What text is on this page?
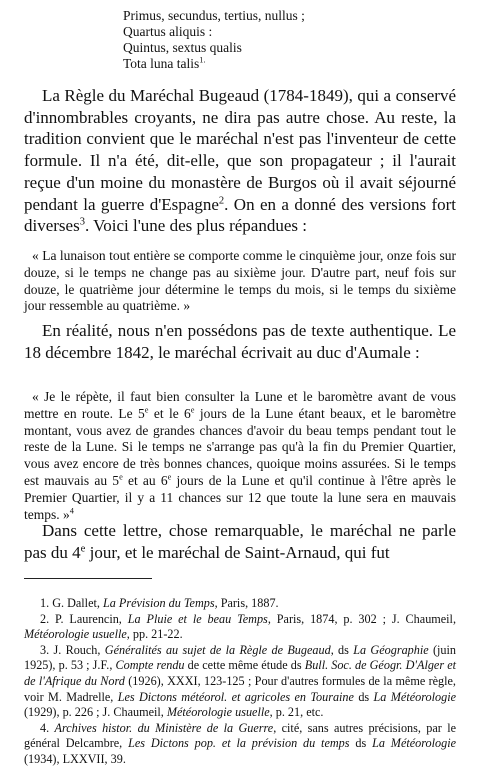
Primus, secundus, tertius, nullus ;
Quartus aliquis :
Quintus, sextus qualis
Tota luna talis$^{1.}$

La Règle du Maréchal Bugeaud (1784-1849), qui a conservé d'innombrables croyants, ne dira pas autre chose. Au reste, la tradition convient que le maréchal n'est pas l'inventeur de cette formule. Il n'a été, dit-elle, que son propagateur ; il l'aurait reçue d'un moine du monastère de Burgos où il avait séjourné pendant la guerre d'Espagne$^2$. On en a donné des versions fort diverses$^3$. Voici l'une des plus répandues :

« La lunaison tout entière se comporte comme le cinquième jour, onze fois sur douze, si le temps ne change pas au sixième jour. D'autre part, neuf fois sur douze, le quatrième jour détermine le temps du mois, si le temps du sixième jour ressemble au quatrième. »

En réalité, nous n'en possédons pas de texte authentique. Le 18 décembre 1842, le maréchal écrivait au duc d'Aumale :

« Je le répète, il faut bien consulter la Lune et le baromètre avant de vous mettre en route. Le 5e et le 6e jours de la Lune étant beaux, et le baromètre montant, vous avez de grandes chances d'avoir du beau temps pendant tout le reste de la Lune. Si le temps ne s'arrange pas qu'à la fin du Premier Quartier, vous avez encore de très bonnes chances, quoique moins assurées. Si le temps est mauvais au 5e et au 6e jours de la Lune et qu'il continue à l'être après le Premier Quartier, il y a 11 chances sur 12 que toute la lune sera en mauvais temps. »$^4$

Dans cette lettre, chose remarquable, le maréchal ne parle pas du 4e jour, et le maréchal de Saint-Arnaud, qui fut

1. G. Dallet, La Prévision du Temps, Paris, 1887.

2. P. Laurencin, La Pluie et le beau Temps, Paris, 1874, p. 302 ; J. Chaumeil, Météorologie usuelle, pp. 21-22.

3. J. Rouch, Généralités au sujet de la Règle de Bugeaud, ds La Géographie (juin 1925), p. 53 ; J.F., Compte rendu de cette même étude ds Bull. Soc. de Géogr. D'Alger et de l'Afrique du Nord (1926), XXXI, 123-125 ; Pour d'autres formules de la même règle, voir M. Madrelle, Les Dictons météorol. et agricoles en Touraine ds La Météorologie (1929), p. 226 ; J. Chaumeil, Météorologie usuelle, p. 21, etc.

4. Archives histor. du Ministère de la Guerre, cité, sans autres précisions, par le général Delcambre, Les Dictons pop. et la prévision du temps ds La Météorologie (1934), LXXVII, 39.
